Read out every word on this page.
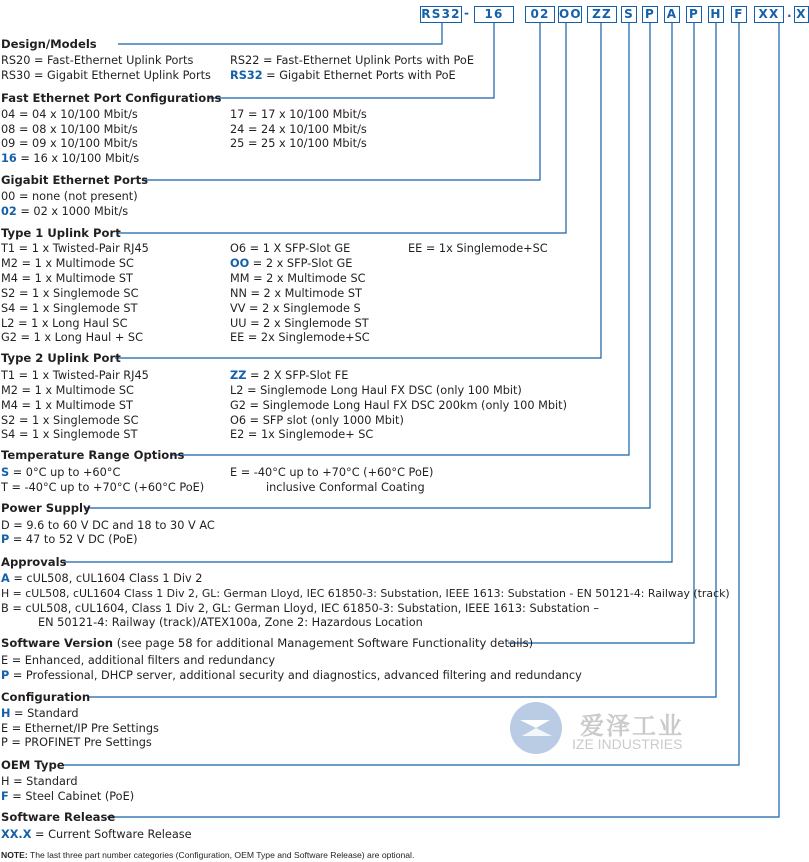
RS32 -	16	02 OO ZZ	S P A P H F	XX . X
Design/Models
RS20 = Fast-Ethernet Uplink Ports
RS30 = Gigabit Ethernet Uplink Ports
RS22 = Fast-Ethernet Uplink Ports with PoE
RS32 = Gigabit Ethernet Ports with PoE
Fast Ethernet Port Configurations
04 = 04 x 10/100 Mbit/s
08 = 08 x 10/100 Mbit/s
09 = 09 x 10/100 Mbit/s
16 = 16 x 10/100 Mbit/s
17 = 17 x 10/100 Mbit/s
24 = 24 x 10/100 Mbit/s
25 = 25 x 10/100 Mbit/s
Gigabit Ethernet Ports
00 = none (not present)
02 = 02 x 1000 Mbit/s
Type 1 Uplink Port
T1 = 1 x Twisted-Pair RJ45
M2 = 1 x Multimode SC
M4 = 1 x Multimode ST
S2 = 1 x Singlemode SC
S4 = 1 x Singlemode ST
L2 = 1 x Long Haul SC
G2 = 1 x Long Haul + SC
O6 = 1 X SFP-Slot GE
OO = 2 x SFP-Slot GE
MM = 2 x Multimode SC
NN = 2 x Multimode ST
VV = 2 x Singlemode S
UU = 2 x Singlemode ST
EE = 2x Singlemode+SC
EE = 1x Singlemode+SC
Type 2 Uplink Port
T1 = 1 x Twisted-Pair RJ45
M2 = 1 x Multimode SC
M4 = 1 x Multimode ST
S2 = 1 x Singlemode SC
S4 = 1 x Singlemode ST
ZZ = 2 X SFP-Slot FE
L2 = Singlemode Long Haul FX DSC (only 100 Mbit)
G2 = Singlemode Long Haul FX DSC 200km (only 100 Mbit)
O6 = SFP slot (only 1000 Mbit)
E2 = 1x Singlemode+ SC
Temperature Range Options
S = 0°C up to +60°C
T = -40°C up to +70°C (+60°C PoE)
E = -40°C up to +70°C (+60°C PoE)
inclusive Conformal Coating
Power Supply
D = 9.6 to 60 V DC and 18 to 30 V AC
P = 47 to 52 V DC (PoE)
Approvals
A = cUL508, cUL1604 Class 1 Div 2
H = cUL508, cUL1604 Class 1 Div 2, GL: German Lloyd, IEC 61850-3: Substation, IEEE 1613: Substation - EN 50121-4: Railway (track)
B = cUL508, cUL1604, Class 1 Div 2, GL: German Lloyd, IEC 61850-3: Substation, IEEE 1613: Substation –
EN 50121-4: Railway (track)/ATEX100a, Zone 2: Hazardous Location
Software Version (see page 58 for additional Management Software Functionality details)
E = Enhanced, additional filters and redundancy
P = Professional, DHCP server, additional security and diagnostics, advanced filtering and redundancy
Configuration
H = Standard
E = Ethernet/IP Pre Settings
P = PROFINET Pre Settings
OEM Type
H = Standard
F = Steel Cabinet (PoE)
Software Release
XX.X = Current Software Release
NOTE: The last three part number categories (Configuration, OEM Type and Software Release) are optional.
爱泽工业
IZE INDUSTRIES
